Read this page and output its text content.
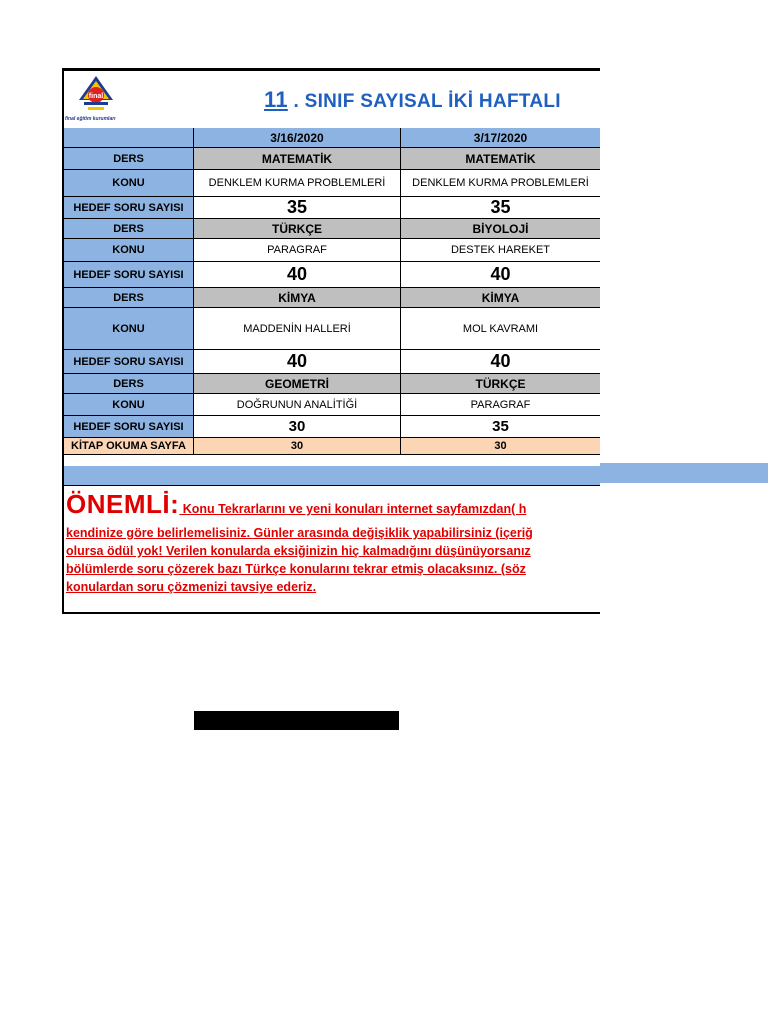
final
final eğitim kurumları
11 . SINIF SAYISAL İKİ HAFTALI
3/16/2020	3/17/2020
DERS	MATEMATİK	MATEMATİK
KONU	DENKLEM KURMA PROBLEMLERİ	DENKLEM KURMA PROBLEMLERİ
HEDEF SORU SAYISI	35	35
DERS	TÜRKÇE	BİYOLOJİ
KONU	PARAGRAF	DESTEK HAREKET
HEDEF SORU SAYISI	40	40
DERS	KİMYA	KİMYA
KONU	MADDENİN HALLERİ	MOL KAVRAMI
HEDEF SORU SAYISI	40	40
DERS	GEOMETRİ	TÜRKÇE
KONU	DOĞRUNUN ANALİTİĞİ	PARAGRAF
HEDEF SORU SAYISI	30	35
KİTAP OKUMA SAYFA	30	30
ÖNEMLİ: Konu Tekrarlarını ve yeni konuları internet sayfamızdan( h
kendinize göre belirlemelisiniz. Günler arasında değişiklik yapabilirsiniz (içeriğ
olursa ödül yok! Verilen konularda eksiğinizin hiç kalmadığını düşünüyorsanız
bölümlerde soru çözerek bazı Türkçe konularını tekrar etmiş olacaksınız. (söz
konulardan soru çözmenizi tavsiye ederiz.
